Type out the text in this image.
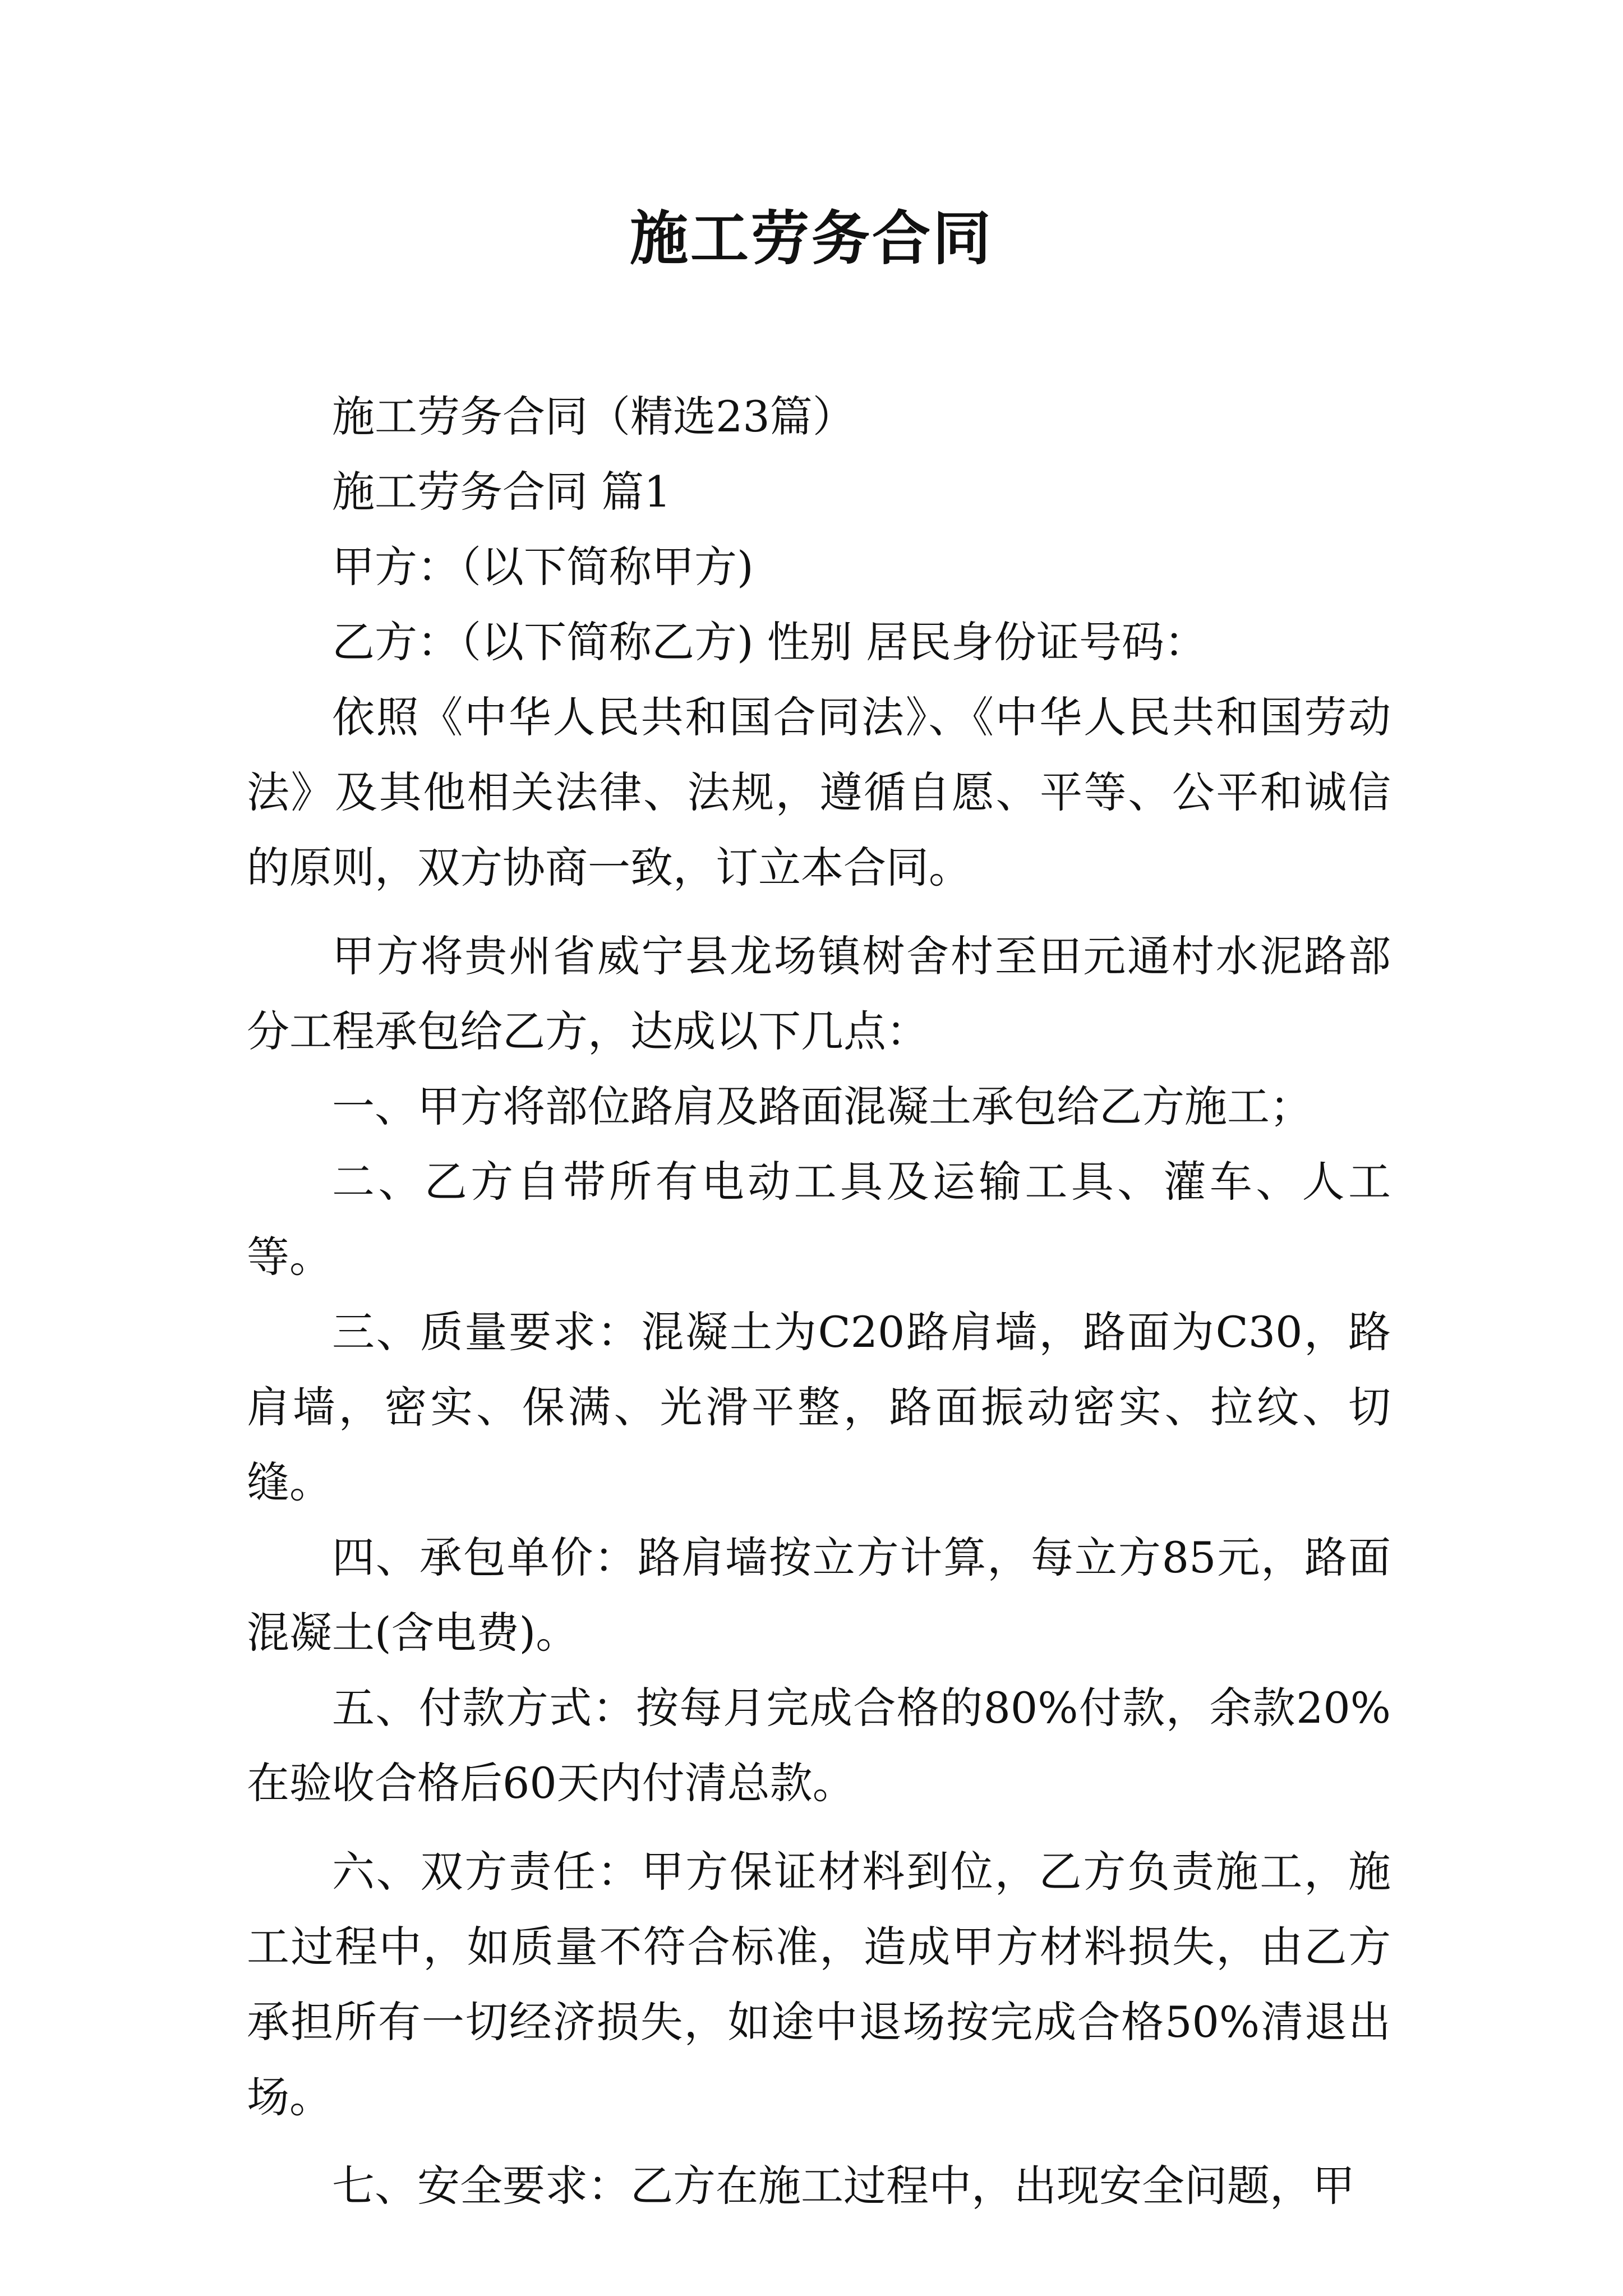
施工劳务合同

施工劳务合同（精选23篇）

施工劳务合同 篇1

甲方：（以下简称甲方)

乙方：（以下简称乙方) 性别 居民身份证号码：

依照《中华人民共和国合同法》、《中华人民共和国劳动法》及其他相关法律、法规，遵循自愿、平等、公平和诚信的原则，双方协商一致，订立本合同。

甲方将贵州省威宁县龙场镇树舍村至田元通村水泥路部分工程承包给乙方，达成以下几点：

一、甲方将部位路肩及路面混凝土承包给乙方施工；

二、乙方自带所有电动工具及运输工具、灌车、人工等。

三、质量要求：混凝土为C20路肩墙，路面为C30，路肩墙，密实、保满、光滑平整，路面振动密实、拉纹、切缝。

四、承包单价：路肩墙按立方计算，每立方85元，路面混凝土(含电费)。

五、付款方式：按每月完成合格的80%付款，余款20%在验收合格后60天内付清总款。

六、双方责任：甲方保证材料到位，乙方负责施工，施工过程中，如质量不符合标准，造成甲方材料损失，由乙方承担所有一切经济损失，如途中退场按完成合格50%清退出场。

七、安全要求：乙方在施工过程中，出现安全问题，甲
